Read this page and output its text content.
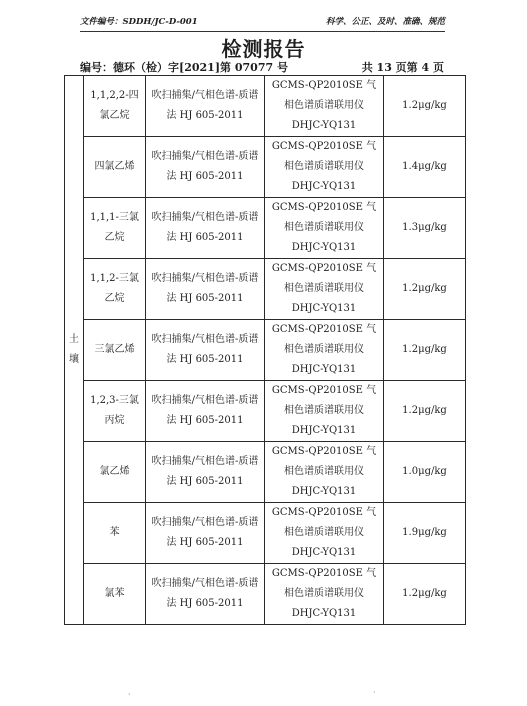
文件编号：SDDH/JC-D-001	科学、公正、及时、准确、规范
检测报告
编号：德环（检）字[2021]第 07077 号	共 13 页第 4 页
土壤	1,1,2,2-四氯乙烷	吹扫捕集/气相色谱-质谱法 HJ 605-2011	GCMS-QP2010SE 气相色谱质谱联用仪 DHJC-YQ131	1.2μg/kg
	四氯乙烯	吹扫捕集/气相色谱-质谱法 HJ 605-2011	GCMS-QP2010SE 气相色谱质谱联用仪 DHJC-YQ131	1.4μg/kg
	1,1,1-三氯乙烷	吹扫捕集/气相色谱-质谱法 HJ 605-2011	GCMS-QP2010SE 气相色谱质谱联用仪 DHJC-YQ131	1.3μg/kg
	1,1,2-三氯乙烷	吹扫捕集/气相色谱-质谱法 HJ 605-2011	GCMS-QP2010SE 气相色谱质谱联用仪 DHJC-YQ131	1.2μg/kg
	三氯乙烯	吹扫捕集/气相色谱-质谱法 HJ 605-2011	GCMS-QP2010SE 气相色谱质谱联用仪 DHJC-YQ131	1.2μg/kg
	1,2,3-三氯丙烷	吹扫捕集/气相色谱-质谱法 HJ 605-2011	GCMS-QP2010SE 气相色谱质谱联用仪 DHJC-YQ131	1.2μg/kg
	氯乙烯	吹扫捕集/气相色谱-质谱法 HJ 605-2011	GCMS-QP2010SE 气相色谱质谱联用仪 DHJC-YQ131	1.0μg/kg
	苯	吹扫捕集/气相色谱-质谱法 HJ 605-2011	GCMS-QP2010SE 气相色谱质谱联用仪 DHJC-YQ131	1.9μg/kg
	氯苯	吹扫捕集/气相色谱-质谱法 HJ 605-2011	GCMS-QP2010SE 气相色谱质谱联用仪 DHJC-YQ131	1.2μg/kg
·	·
